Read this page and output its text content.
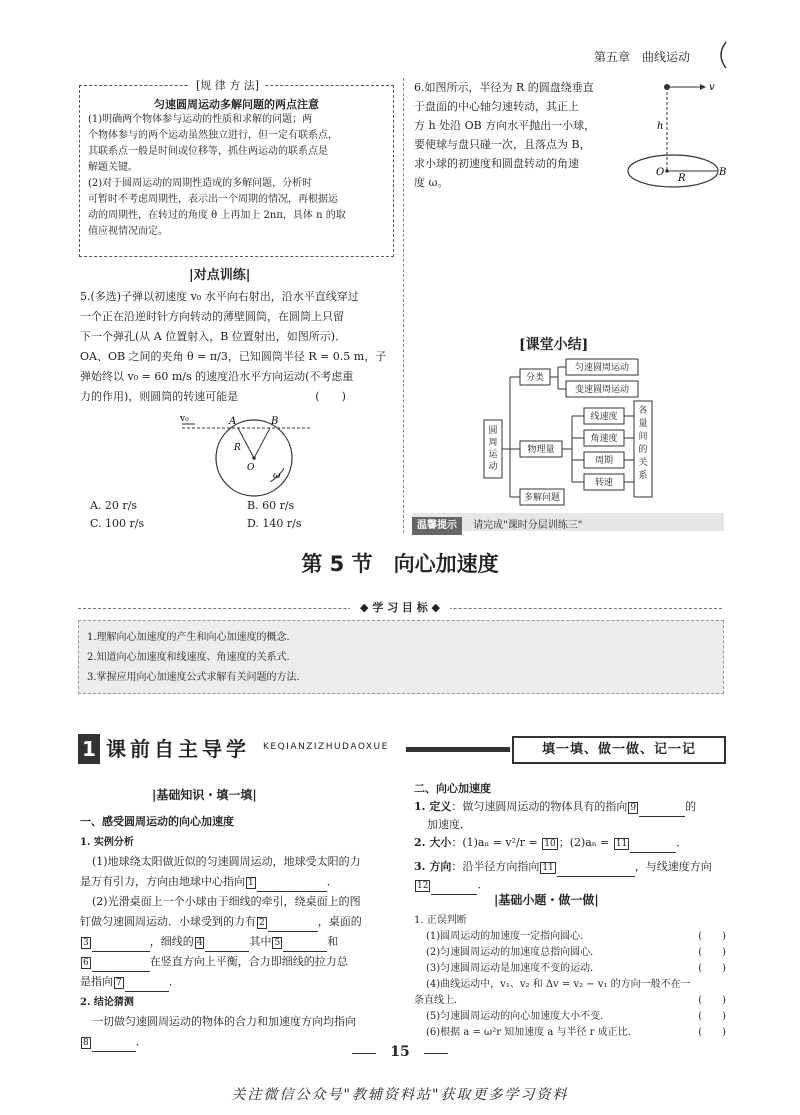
第五章　曲线运动
[规 律 方 法]
匀速圆周运动多解问题的两点注意
(1)明确两个物体参与运动的性质和求解的问题；两
个物体参与的两个运动虽然独立进行，但一定有联系点，
其联系点一般是时间或位移等，抓住两运动的联系点是
解题关键。
(2)对于圆周运动的周期性造成的多解问题，分析时
可暂时不考虑周期性，表示出一个周期的情况，再根据运
动的周期性，在转过的角度 θ 上再加上 2nπ，具体 n 的取
值应视情况而定。
|对点训练|
5.(多选)子弹以初速度 v₀ 水平向右射出，沿水平直线穿过
一个正在沿逆时针方向转动的薄壁圆筒，在圆筒上只留
下一个弹孔(从 A 位置射入，B 位置射出，如图所示)．
OA、OB 之间的夹角 θ = π/3，已知圆筒半径 R = 0.5 m，子
弹始终以 v₀ = 60 m/s 的速度沿水平方向运动(不考虑重
力的作用)，则圆筒的转速可能是　　　　　　　(　　)
v₀	A	B
R
O
ω
A. 20 r/s	B. 60 r/s
C. 100 r/s	D. 140 r/s
6.如图所示，半径为 R 的圆盘绕垂直
于盘面的中心轴匀速转动，其正上
方 h 处沿 OB 方向水平抛出一小球，
要使球与盘只碰一次，且落点为 B，
求小球的初速度和圆盘转动的角速
度 ω。
v
h
O
R
B
[课堂小结]
圆周运动
分类
匀速圆周运动
变速圆周运动
物理量
线速度
角速度
周期
转速
各量间的关系
多解问题
温馨提示 请完成"课时分层训练三"
第 5 节　向心加速度
◆ 学 习 目 标 ◆
1.理解向心加速度的产生和向心加速度的概念．
2.知道向心加速度和线速度、角速度的关系式．
3.掌握应用向心加速度公式求解有关问题的方法．
1 课前自主导学 KEQIANZIZHUDAOXUE	填一填、做一做、记一记
|基础知识・填一填|
一、感受圆周运动的向心加速度
1. 实例分析
(1)地球绕太阳做近似的匀速圆周运动，地球受太阳的力
是万有引力，方向由地球中心指向 1	．
(2)光滑桌面上一个小球由于细线的牵引，绕桌面上的图
钉做匀速圆周运动．小球受到的力有 2	，桌面的
3	，细线的 4	其中 5	和
6	在竖直方向上平衡，合力即细线的拉力总
是指向 7	．
2. 结论猜测
一切做匀速圆周运动的物体的合力和加速度方向均指向
8	．
二、向心加速度
1. 定义：做匀速圆周运动的物体具有的指向 9	的
加速度．
2. 大小：(1)aₙ = v²/r = 10 ；(2)aₙ = 11	．
3. 方向：沿半径方向指向 11	，与线速度方向
12	．
|基础小题・做一做|
1. 正误判断
(1)圆周运动的加速度一定指向圆心．	(　　)
(2)匀速圆周运动的加速度总指向圆心．	(　　)
(3)匀速圆周运动是加速度不变的运动．	(　　)
(4)曲线运动中，v₁、v₂ 和 Δv = v₂ − v₁ 的方向一般不在一
条直线上．	(　　)
(5)匀速圆周运动的向心加速度大小不变．	(　　)
(6)根据 a = ω²r 知加速度 a 与半径 r 成正比．	(　　)
15
关注微信公众号"教辅资料站"获取更多学习资料
